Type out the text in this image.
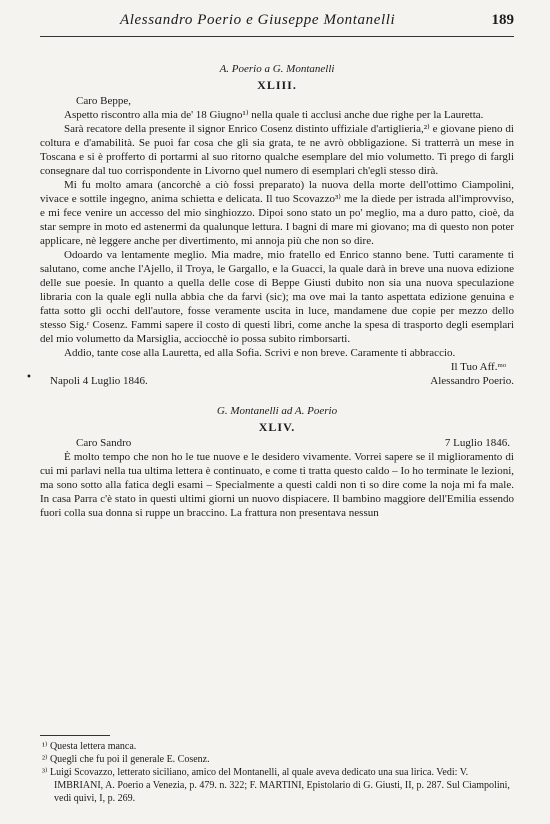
Alessandro Poerio e Giuseppe Montanelli	189
•
A. Poerio a G. Montanelli
XLIII.

Caro Beppe,

Aspetto riscontro alla mia de' 18 Giugno¹⁾ nella quale ti acclusi anche due righe per la Lauretta.

Sarà recatore della presente il signor Enrico Cosenz distinto uffiziale d'artiglieria,²⁾ e giovane pieno di coltura e d'amabilità. Se puoi far cosa che gli sia grata, te ne avrò obbligazione. Si tratterrà un mese in Toscana e si è profferto di portarmi al suo ritorno qualche esemplare del mio volumetto. Ti prego di fargli consegnare dal tuo corrispondente in Livorno quel numero di esemplari ch'egli stesso dirà.

Mi fu molto amara (ancorchè a ciò fossi preparato) la nuova della morte dell'ottimo Ciampolini, vivace e sottile ingegno, anima schietta e delicata. Il tuo Scovazzo³⁾ me la diede per istrada all'improvviso, e mi fece venire un accesso del mio singhiozzo. Dipoi sono stato un po' meglio, ma a duro patto, cioè, da star sempre in moto ed astenermi da qualunque lettura. I bagni di mare mi giovano; ma di questo non poter applicare, nè leggere anche per divertimento, mi annoja più che non so dire.

Odoardo va lentamente meglio. Mia madre, mio fratello ed Enrico stanno bene. Tutti caramente ti salutano, come anche l'Ajello, il Troya, le Gargallo, e la Guacci, la quale darà in breve una nuova edizione delle sue poesie. In quanto a quella delle cose di Beppe Giusti dubito non sia una nuova speculazione libraria con la quale egli nulla abbia che da farvi (sic); ma ove mai la tanto aspettata edizione genuina e fatta sotto gli occhi dell'autore, fosse veramente uscita in luce, mandamene due copie per mezzo dello stesso Sig.ʳ Cosenz. Fammi sapere il costo di questi libri, come anche la spesa di trasporto degli esemplari del mio volumetto da Marsiglia, acciocchè io possa subito rimborsarti.

Addio, tante cose alla Lauretta, ed alla Sofia. Scrivi e non breve. Caramente ti abbraccio.

Il Tuo Aff.ᵐᵒ
Napoli 4 Luglio 1846.	Alessandro Poerio.
G. Montanelli ad A. Poerio
XLIV.
Caro Sandro	7 Luglio 1846.

È molto tempo che non ho le tue nuove e le desidero vivamente. Vorrei sapere se il miglioramento di cui mi parlavi nella tua ultima lettera è continuato, e come ti tratta questo caldo – Io ho terminate le lezioni, ma sono sotto alla fatica degli esami – Specialmente a questi caldi non ti so dire come la noja mi fa male. In casa Parra c'è stato in questi ultimi giorni un nuovo dispiacere. Il bambino maggiore dell'Emilia essendo fuori colla sua donna si ruppe un braccino. La frattura non presentava nessun

¹⁾ Questa lettera manca.

²⁾ Quegli che fu poi il generale E. Cosenz.

³⁾ Luigi Scovazzo, letterato siciliano, amico del Montanelli, al quale aveva dedicato una sua lirica. Vedi: V. IMBRIANI, A. Poerio a Venezia, p. 479. n. 322; F. MARTINI, Epistolario di G. Giusti, II, p. 287. Sul Ciampolini, vedi quivi, I, p. 269.
